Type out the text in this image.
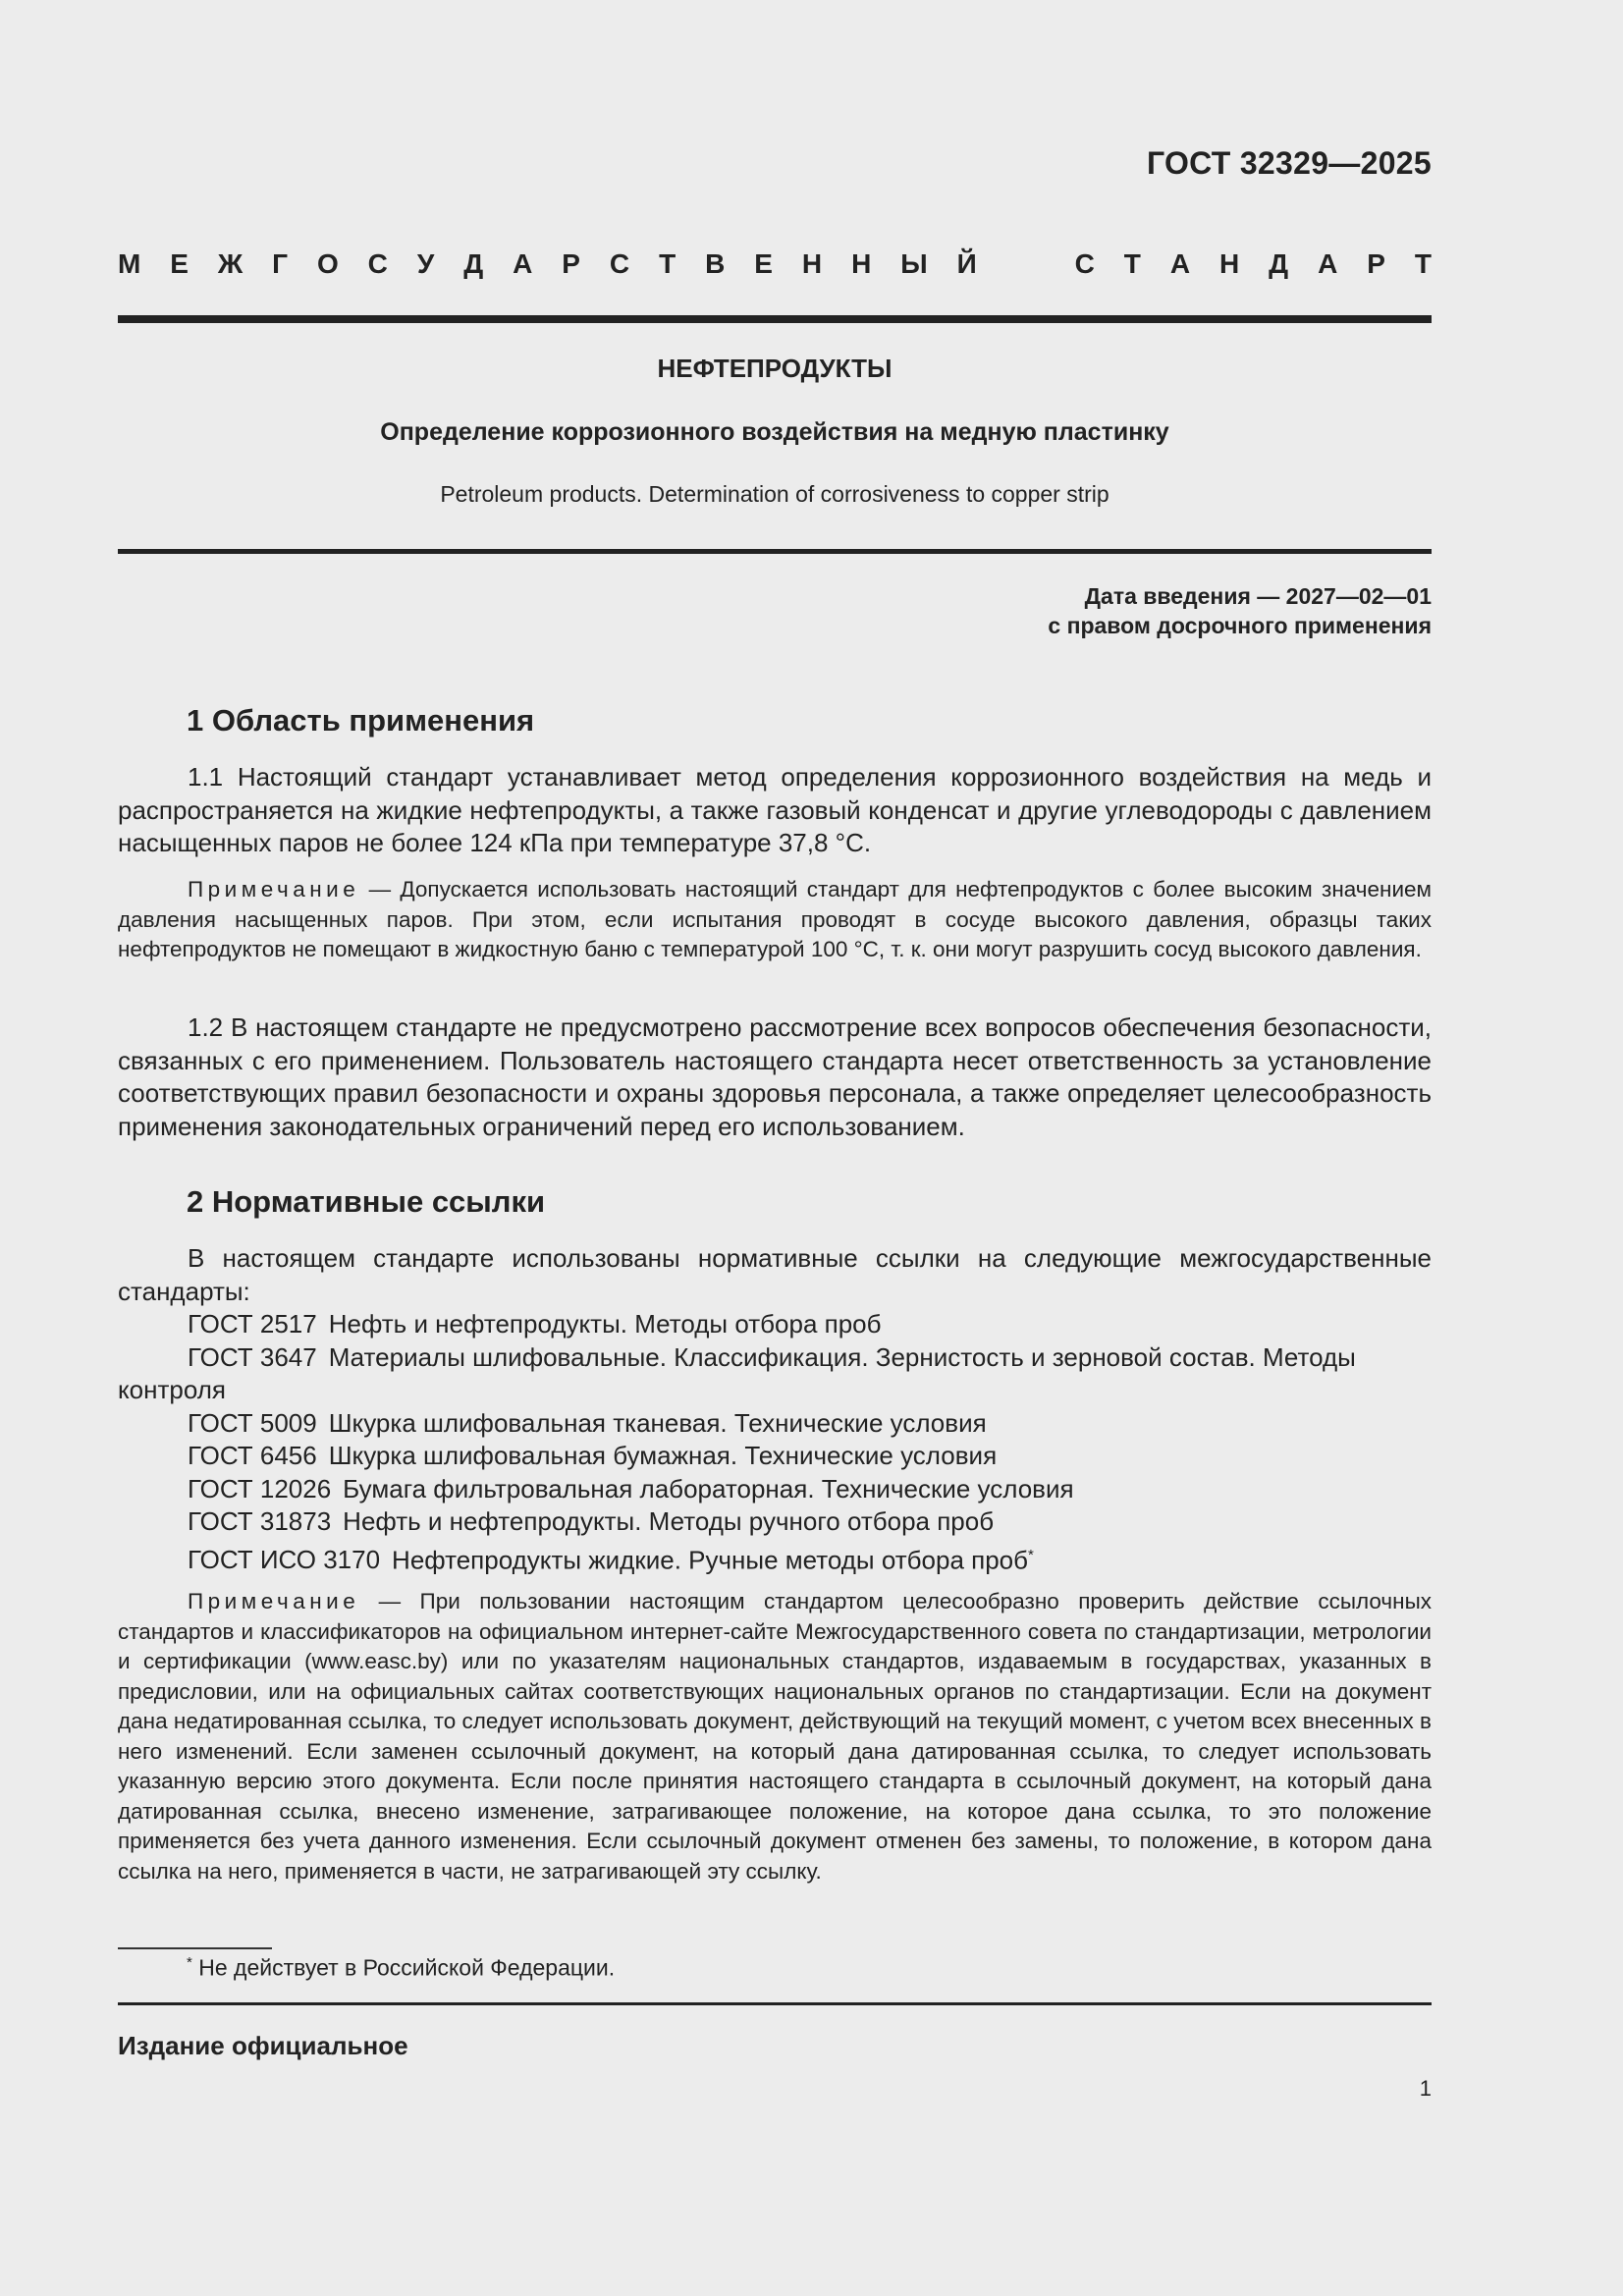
ГОСТ 32329—2025
М Е Ж Г О С У Д А Р С Т В Е Н Н Ы Й	С Т А Н Д А Р Т
НЕФТЕПРОДУКТЫ
Определение коррозионного воздействия на медную пластинку
Petroleum products. Determination of corrosiveness to copper strip
Дата введения — 2027—02—01
с правом досрочного применения
1 Область применения

1.1 Настоящий стандарт устанавливает метод определения коррозионного воздействия на медь и распространяется на жидкие нефтепродукты, а также газовый конденсат и другие углеводороды с давлением насыщенных паров не более 124 кПа при температуре 37,8 °С.

Примечание — Допускается использовать настоящий стандарт для нефтепродуктов с более высоким значением давления насыщенных паров. При этом, если испытания проводят в сосуде высокого давления, образцы таких нефтепродуктов не помещают в жидкостную баню с температурой 100 °С, т. к. они могут разрушить сосуд высокого давления.

1.2 В настоящем стандарте не предусмотрено рассмотрение всех вопросов обеспечения безопасности, связанных с его применением. Пользователь настоящего стандарта несет ответственность за установление соответствующих правил безопасности и охраны здоровья персонала, а также определяет целесообразность применения законодательных ограничений перед его использованием.

2 Нормативные ссылки

В настоящем стандарте использованы нормативные ссылки на следующие межгосударственные стандарты:

ГОСТ 2517 Нефть и нефтепродукты. Методы отбора проб
ГОСТ 3647 Материалы шлифовальные. Классификация. Зернистость и зерновой состав. Методы контроля
ГОСТ 5009 Шкурка шлифовальная тканевая. Технические условия
ГОСТ 6456 Шкурка шлифовальная бумажная. Технические условия
ГОСТ 12026 Бумага фильтровальная лабораторная. Технические условия
ГОСТ 31873 Нефть и нефтепродукты. Методы ручного отбора проб
ГОСТ ИСО 3170 Нефтепродукты жидкие. Ручные методы отбора проб*

Примечание — При пользовании настоящим стандартом целесообразно проверить действие ссылочных стандартов и классификаторов на официальном интернет-сайте Межгосударственного совета по стандартизации, метрологии и сертификации (www.easc.by) или по указателям национальных стандартов, издаваемым в государствах, указанных в предисловии, или на официальных сайтах соответствующих национальных органов по стандартизации. Если на документ дана недатированная ссылка, то следует использовать документ, действующий на текущий момент, с учетом всех внесенных в него изменений. Если заменен ссылочный документ, на который дана датированная ссылка, то следует использовать указанную версию этого документа. Если после принятия настоящего стандарта в ссылочный документ, на который дана датированная ссылка, внесено изменение, затрагивающее положение, на которое дана ссылка, то это положение применяется без учета данного изменения. Если ссылочный документ отменен без замены, то положение, в котором дана ссылка на него, применяется в части, не затрагивающей эту ссылку.

* Не действует в Российской Федерации.
Издание официальное
1
